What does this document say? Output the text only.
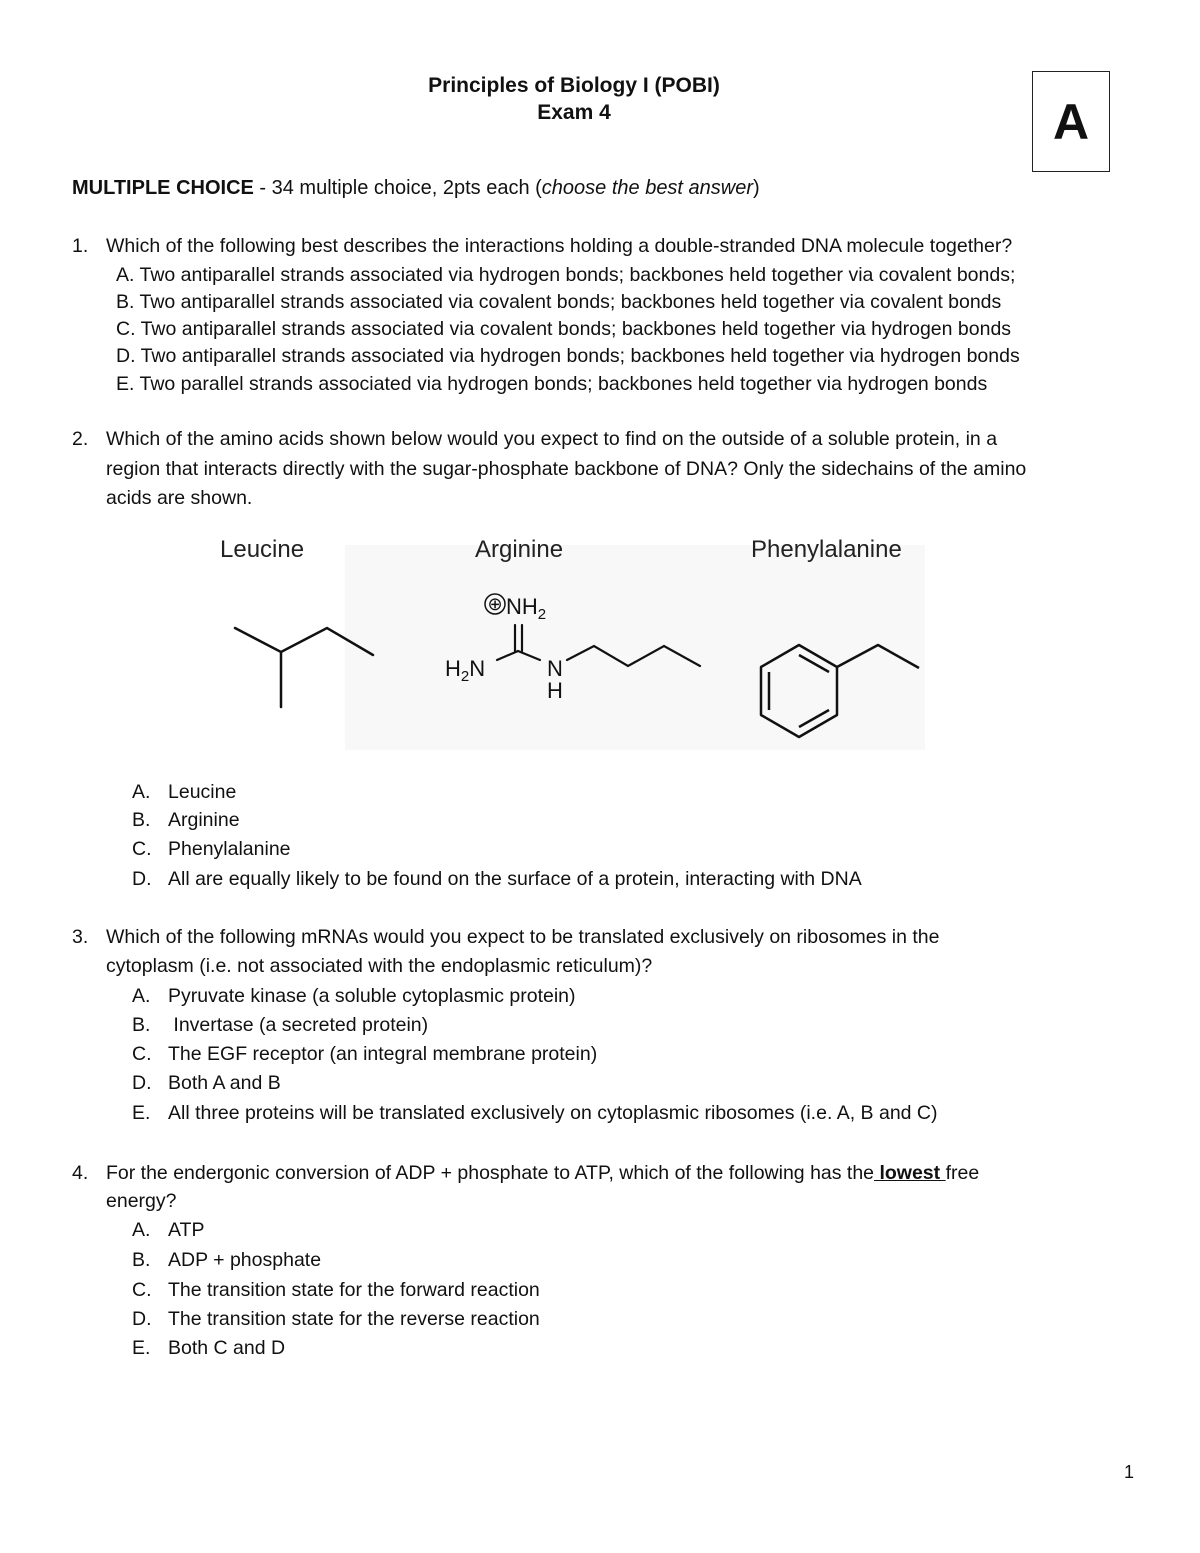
Principles of Biology I (POBI)
Exam 4	A
MULTIPLE CHOICE - 34 multiple choice, 2pts each (choose the best answer)
1. Which of the following best describes the interactions holding a double-stranded DNA molecule together?
A. Two antiparallel strands associated via hydrogen bonds; backbones held together via covalent bonds;
B. Two antiparallel strands associated via covalent bonds; backbones held together via covalent bonds
C. Two antiparallel strands associated via covalent bonds; backbones held together via hydrogen bonds
D. Two antiparallel strands associated via hydrogen bonds; backbones held together via hydrogen bonds
E. Two parallel strands associated via hydrogen bonds; backbones held together via hydrogen bonds
2. Which of the amino acids shown below would you expect to find on the outside of a soluble protein, in a
region that interacts directly with the sugar-phosphate backbone of DNA? Only the sidechains of the amino
acids are shown.
Leucine	Arginine	Phenylalanine
⊕ $NH_2$
$H_2N$	N
H
A. Leucine
B. Arginine
C. Phenylalanine
D. All are equally likely to be found on the surface of a protein, interacting with DNA
3. Which of the following mRNAs would you expect to be translated exclusively on ribosomes in the
cytoplasm (i.e. not associated with the endoplasmic reticulum)?
A. Pyruvate kinase (a soluble cytoplasmic protein)
B. Invertase (a secreted protein)
C. The EGF receptor (an integral membrane protein)
D. Both A and B
E. All three proteins will be translated exclusively on cytoplasmic ribosomes (i.e. A, B and C)
4. For the endergonic conversion of ADP + phosphate to ATP, which of the following has the lowest free
energy?
A. ATP
B. ADP + phosphate
C. The transition state for the forward reaction
D. The transition state for the reverse reaction
E. Both C and D
1
